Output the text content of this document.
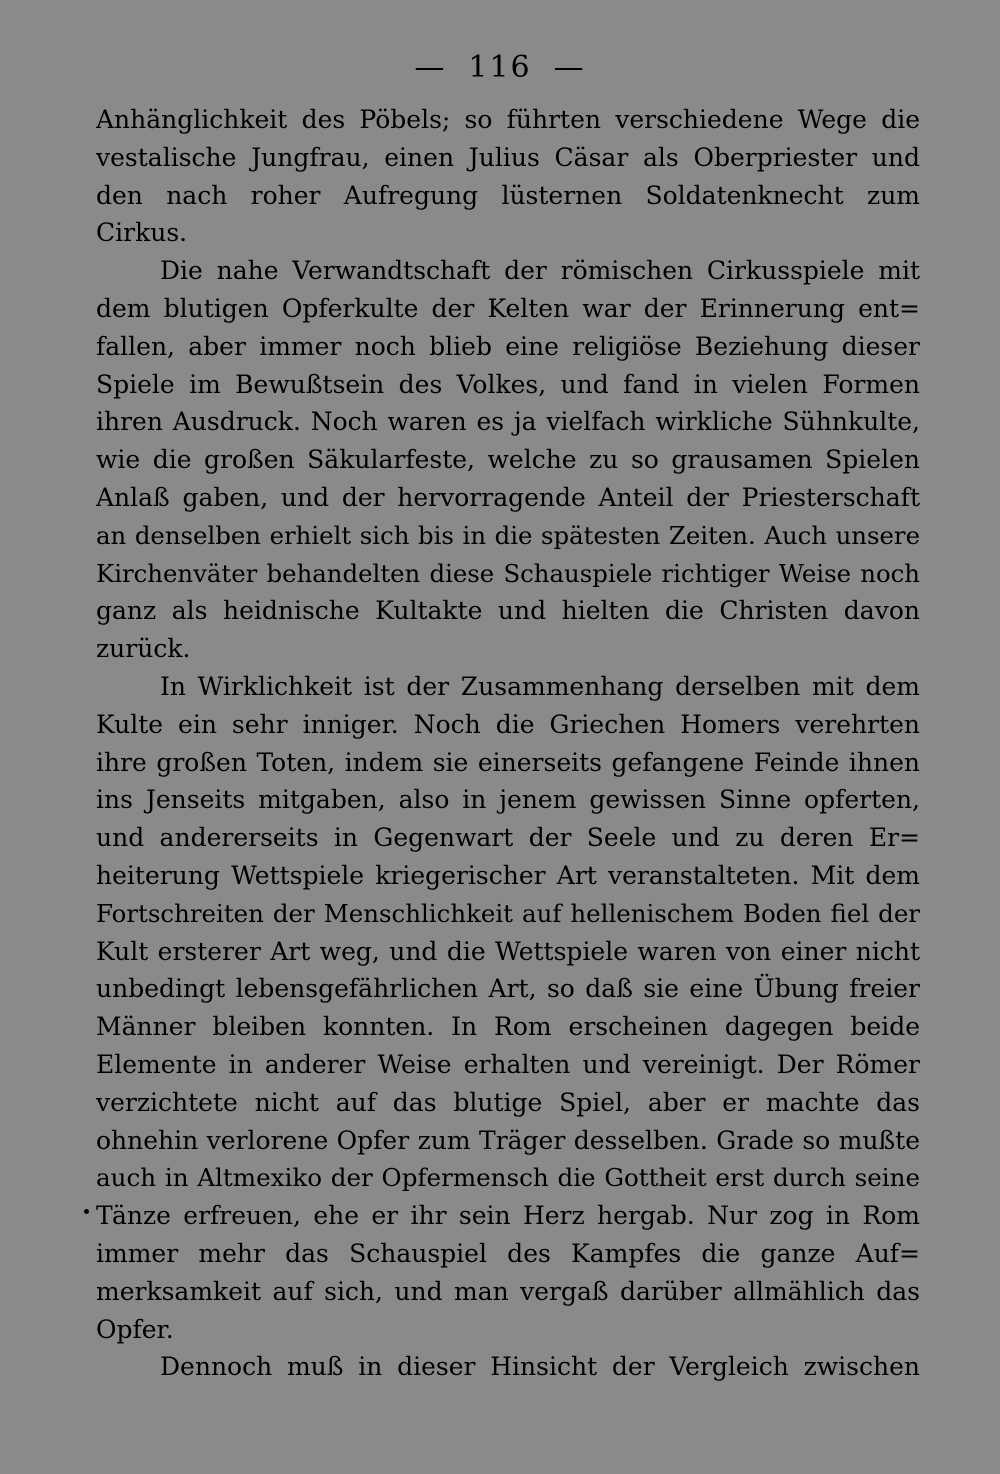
— 116 —
Anhänglichkeit des Pöbels; so führten verschiedene Wege die
vestalische Jungfrau, einen Julius Cäsar als Oberpriester und
den nach roher Aufregung lüsternen Soldatenknecht zum
Cirkus.
Die nahe Verwandtschaft der römischen Cirkusspiele mit
dem blutigen Opferkulte der Kelten war der Erinnerung ent=
fallen, aber immer noch blieb eine religiöse Beziehung dieser
Spiele im Bewußtsein des Volkes, und fand in vielen Formen
ihren Ausdruck. Noch waren es ja vielfach wirkliche Sühnkulte,
wie die großen Säkularfeste, welche zu so grausamen Spielen
Anlaß gaben, und der hervorragende Anteil der Priesterschaft
an denselben erhielt sich bis in die spätesten Zeiten. Auch unsere
Kirchenväter behandelten diese Schauspiele richtiger Weise noch
ganz als heidnische Kultakte und hielten die Christen davon
zurück.
In Wirklichkeit ist der Zusammenhang derselben mit dem
Kulte ein sehr inniger. Noch die Griechen Homers verehrten
ihre großen Toten, indem sie einerseits gefangene Feinde ihnen
ins Jenseits mitgaben, also in jenem gewissen Sinne opferten,
und andererseits in Gegenwart der Seele und zu deren Er=
heiterung Wettspiele kriegerischer Art veranstalteten. Mit dem
Fortschreiten der Menschlichkeit auf hellenischem Boden fiel der
Kult ersterer Art weg, und die Wettspiele waren von einer nicht
unbedingt lebensgefährlichen Art, so daß sie eine Übung freier
Männer bleiben konnten. In Rom erscheinen dagegen beide
Elemente in anderer Weise erhalten und vereinigt. Der Römer
verzichtete nicht auf das blutige Spiel, aber er machte das
ohnehin verlorene Opfer zum Träger desselben. Grade so mußte
auch in Altmexiko der Opfermensch die Gottheit erst durch seine
Tänze erfreuen, ehe er ihr sein Herz hergab. Nur zog in Rom
immer mehr das Schauspiel des Kampfes die ganze Auf=
merksamkeit auf sich, und man vergaß darüber allmählich das
Opfer.
Dennoch muß in dieser Hinsicht der Vergleich zwischen
